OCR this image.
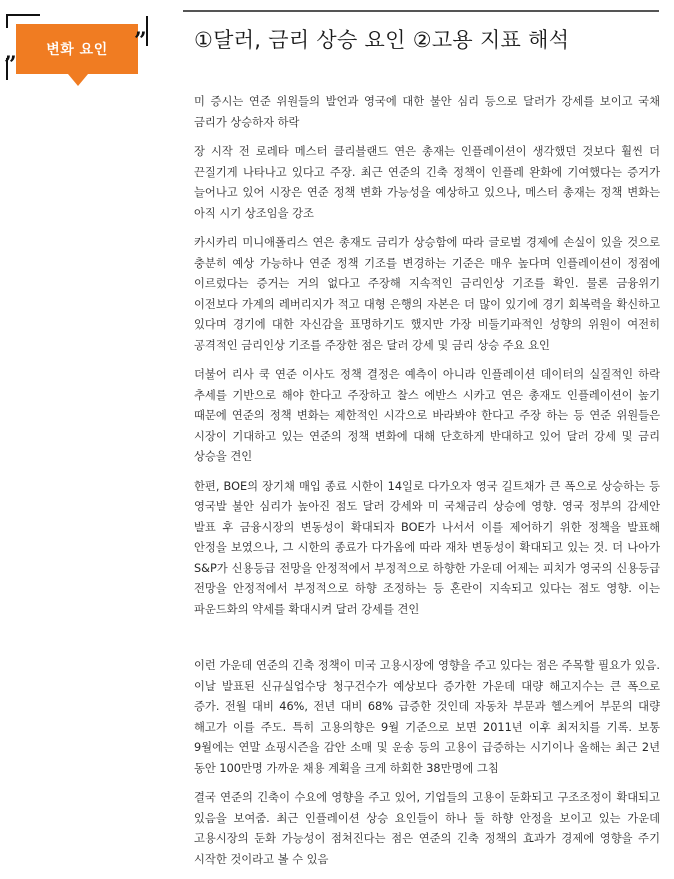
변화 요인	”
”
①달러, 금리 상승 요인 ②고용 지표 해석

미 증시는 연준 위원들의 발언과 영국에 대한 불안 심리 등으로 달러가 강세를 보이고 국채 금리가 상승하자 하락

장 시작 전 로레타 메스터 클리블랜드 연은 총재는 인플레이션이 생각했던 것보다 훨씬 더 끈질기게 나타나고 있다고 주장. 최근 연준의 긴축 정책이 인플레 완화에 기여했다는 증거가 늘어나고 있어 시장은 연준 정책 변화 가능성을 예상하고 있으나, 메스터 총재는 정책 변화는 아직 시기 상조임을 강조

카시카리 미니애폴리스 연은 총재도 금리가 상승함에 따라 글로벌 경제에 손실이 있을 것으로 충분히 예상 가능하나 연준 정책 기조를 변경하는 기준은 매우 높다며 인플레이션이 정점에 이르렀다는 증거는 거의 없다고 주장해 지속적인 금리인상 기조를 확인. 물론 금융위기 이전보다 가계의 레버리지가 적고 대형 은행의 자본은 더 많이 있기에 경기 회복력을 확신하고 있다며 경기에 대한 자신감을 표명하기도 했지만 가장 비둘기파적인 성향의 위원이 여전히 공격적인 금리인상 기조를 주장한 점은 달러 강세 및 금리 상승 주요 요인

더불어 리사 쿡 연준 이사도 정책 결정은 예측이 아니라 인플레이션 데이터의 실질적인 하락 추세를 기반으로 해야 한다고 주장하고 찰스 에반스 시카고 연은 총재도 인플레이션이 높기 때문에 연준의 정책 변화는 제한적인 시각으로 바라봐야 한다고 주장 하는 등 연준 위원들은 시장이 기대하고 있는 연준의 정책 변화에 대해 단호하게 반대하고 있어 달러 강세 및 금리 상승을 견인

한편, BOE의 장기채 매입 종료 시한이 14일로 다가오자 영국 길트채가 큰 폭으로 상승하는 등 영국발 불안 심리가 높아진 점도 달러 강세와 미 국채금리 상승에 영향. 영국 정부의 감세안 발표 후 금융시장의 변동성이 확대되자 BOE가 나서서 이를 제어하기 위한 정책을 발표해 안정을 보였으나, 그 시한의 종료가 다가옴에 따라 재차 변동성이 확대되고 있는 것. 더 나아가 S&P가 신용등급 전망을 안정적에서 부정적으로 하향한 가운데 어제는 피치가 영국의 신용등급 전망을 안정적에서 부정적으로 하향 조정하는 등 혼란이 지속되고 있다는 점도 영향. 이는 파운드화의 약세를 확대시켜 달러 강세를 견인

이런 가운데 연준의 긴축 정책이 미국 고용시장에 영향을 주고 있다는 점은 주목할 필요가 있음. 이날 발표된 신규실업수당 청구건수가 예상보다 증가한 가운데 대량 해고지수는 큰 폭으로 증가. 전월 대비 46%, 전년 대비 68% 급증한 것인데 자동차 부문과 헬스케어 부문의 대량 해고가 이를 주도. 특히 고용의향은 9월 기준으로 보면 2011년 이후 최저치를 기록. 보통 9월에는 연말 쇼핑시즌을 감안 소매 및 운송 등의 고용이 급증하는 시기이나 올해는 최근 2년 동안 100만명 가까운 채용 계획을 크게 하회한 38만명에 그침

결국 연준의 긴축이 수요에 영향을 주고 있어, 기업들의 고용이 둔화되고 구조조정이 확대되고 있음을 보여줌. 최근 인플레이션 상승 요인들이 하나 둘 하향 안정을 보이고 있는 가운데 고용시장의 둔화 가능성이 점쳐진다는 점은 연준의 긴축 정책의 효과가 경제에 영향을 주기 시작한 것이라고 볼 수 있음
